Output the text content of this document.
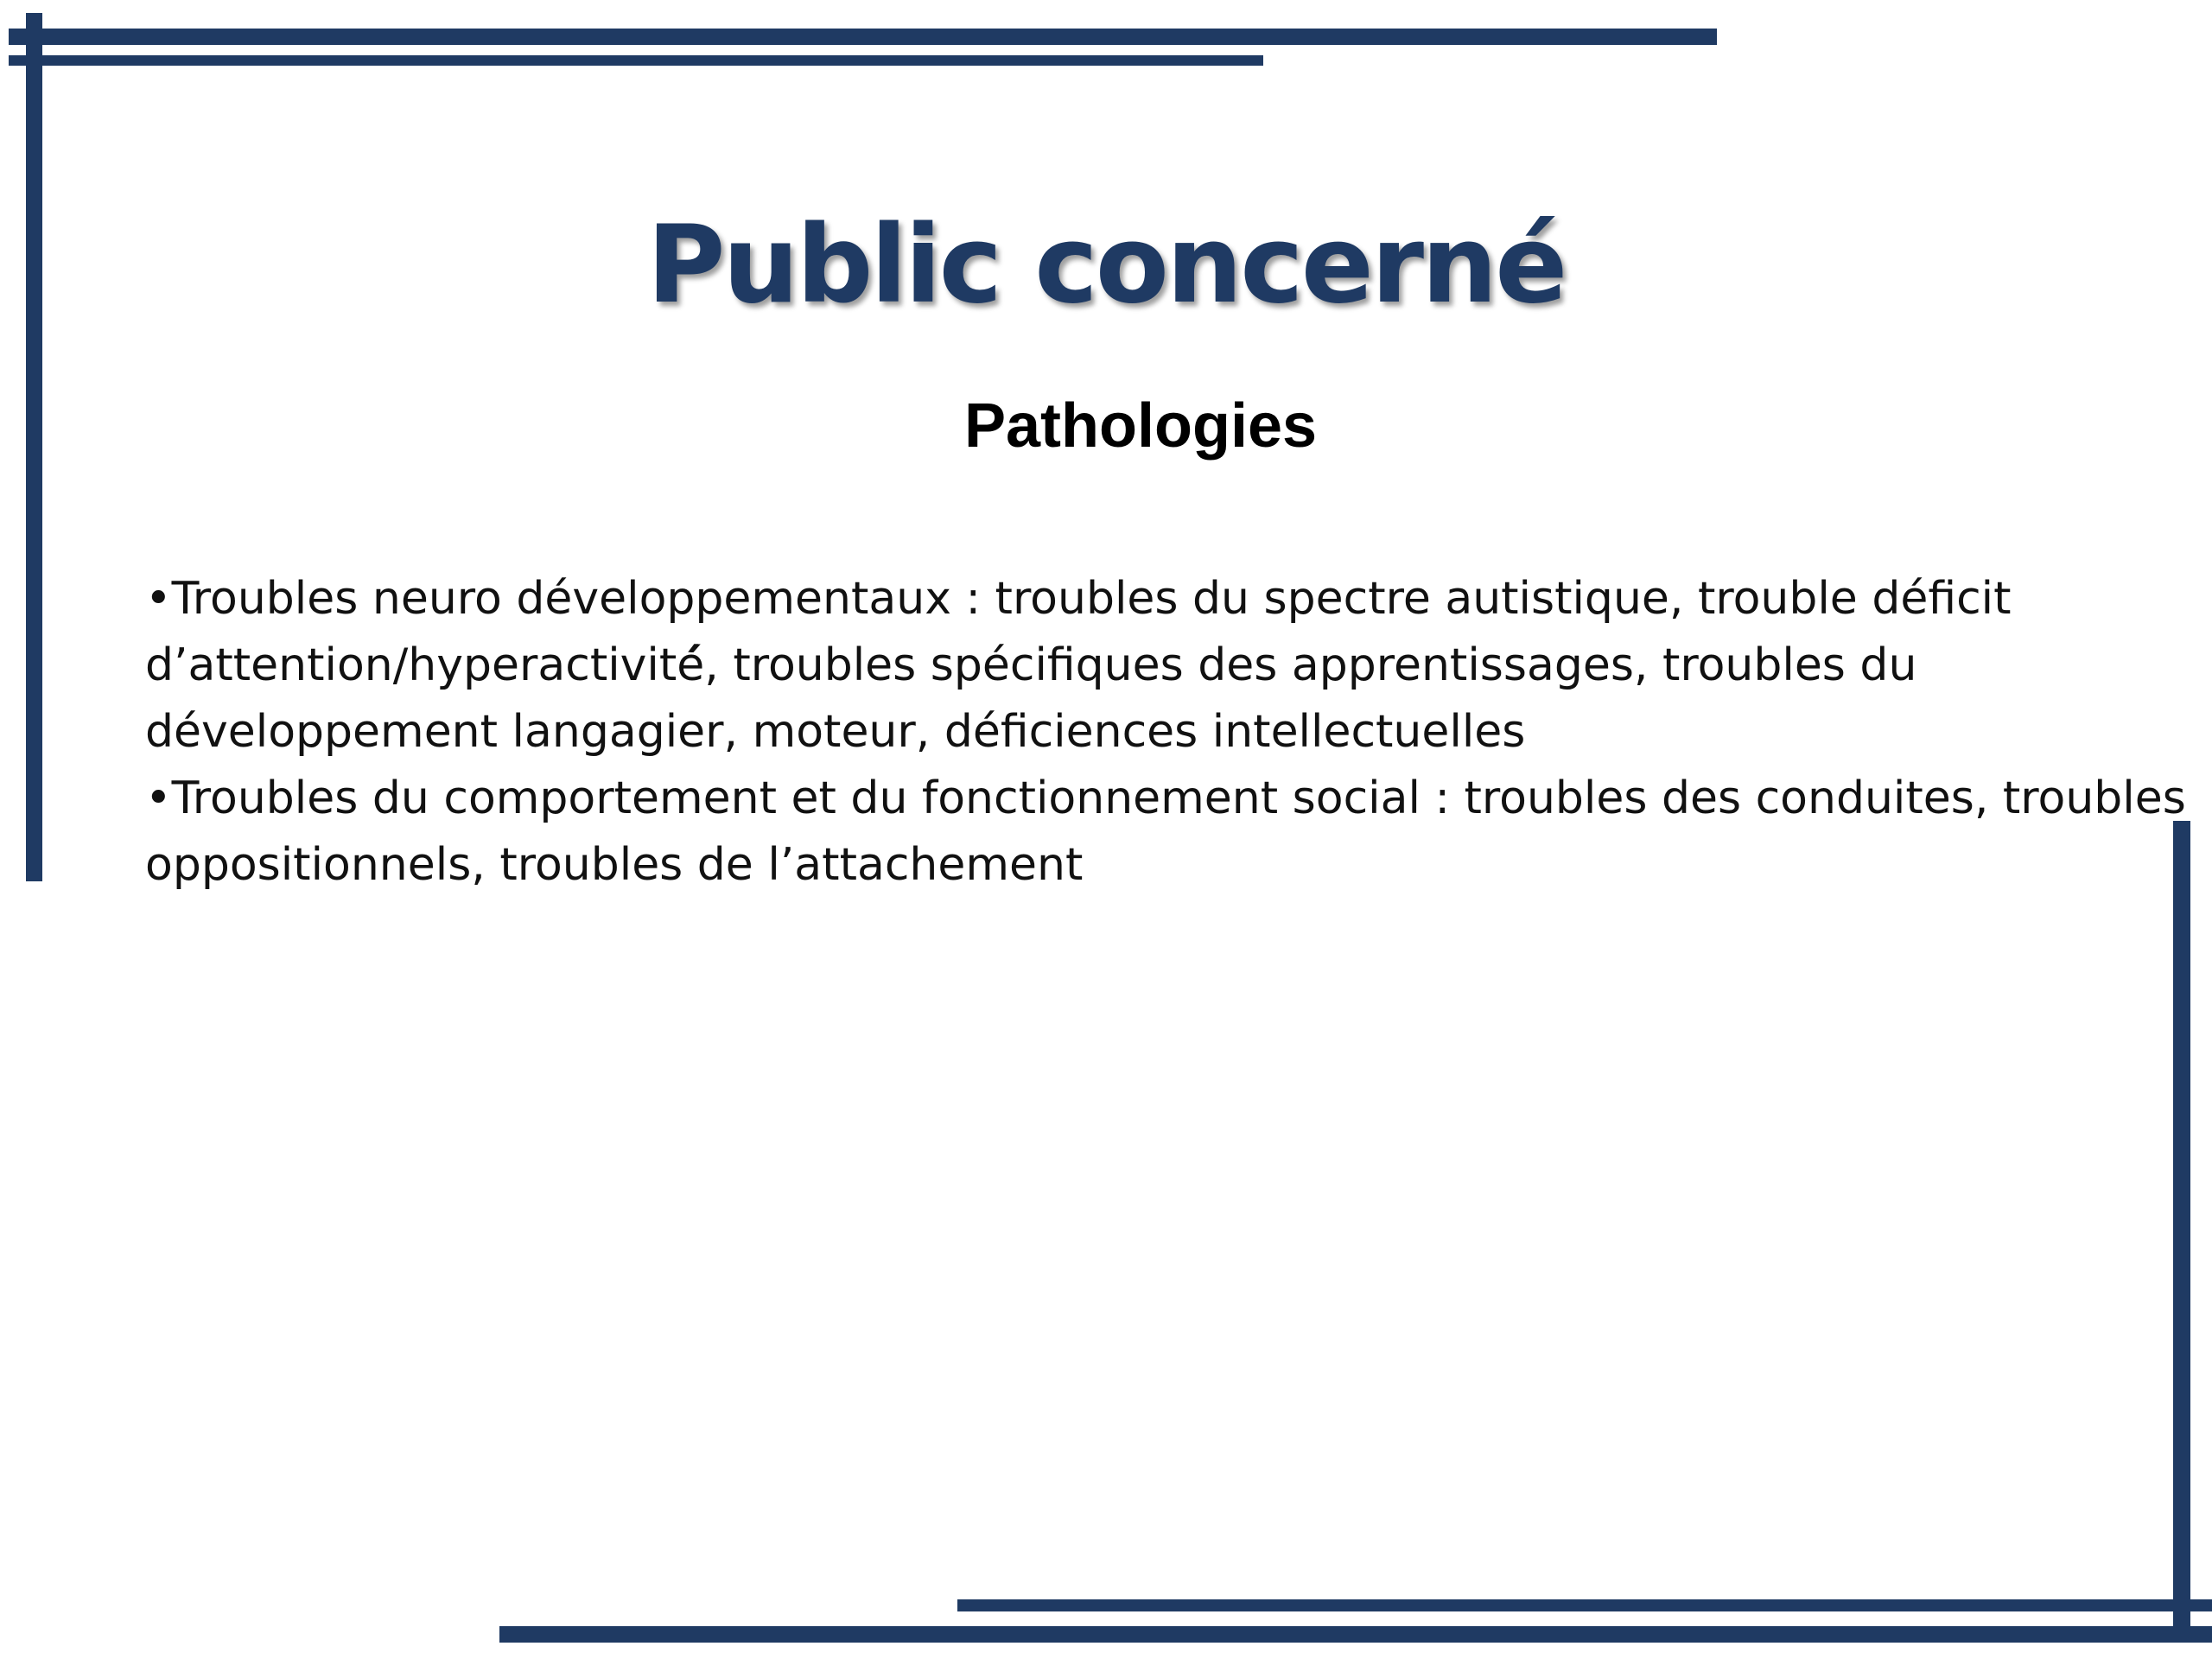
Public concerné
Pathologies

•Troubles neuro développementaux : troubles du spectre autistique, trouble déficit d’attention/hyperactivité́, troubles spécifiques des apprentissages, troubles du développement langagier, moteur, déficiences intellectuelles

•Troubles du comportement et du fonctionnement social : troubles des conduites, troubles oppositionnels, troubles de l’attachement
